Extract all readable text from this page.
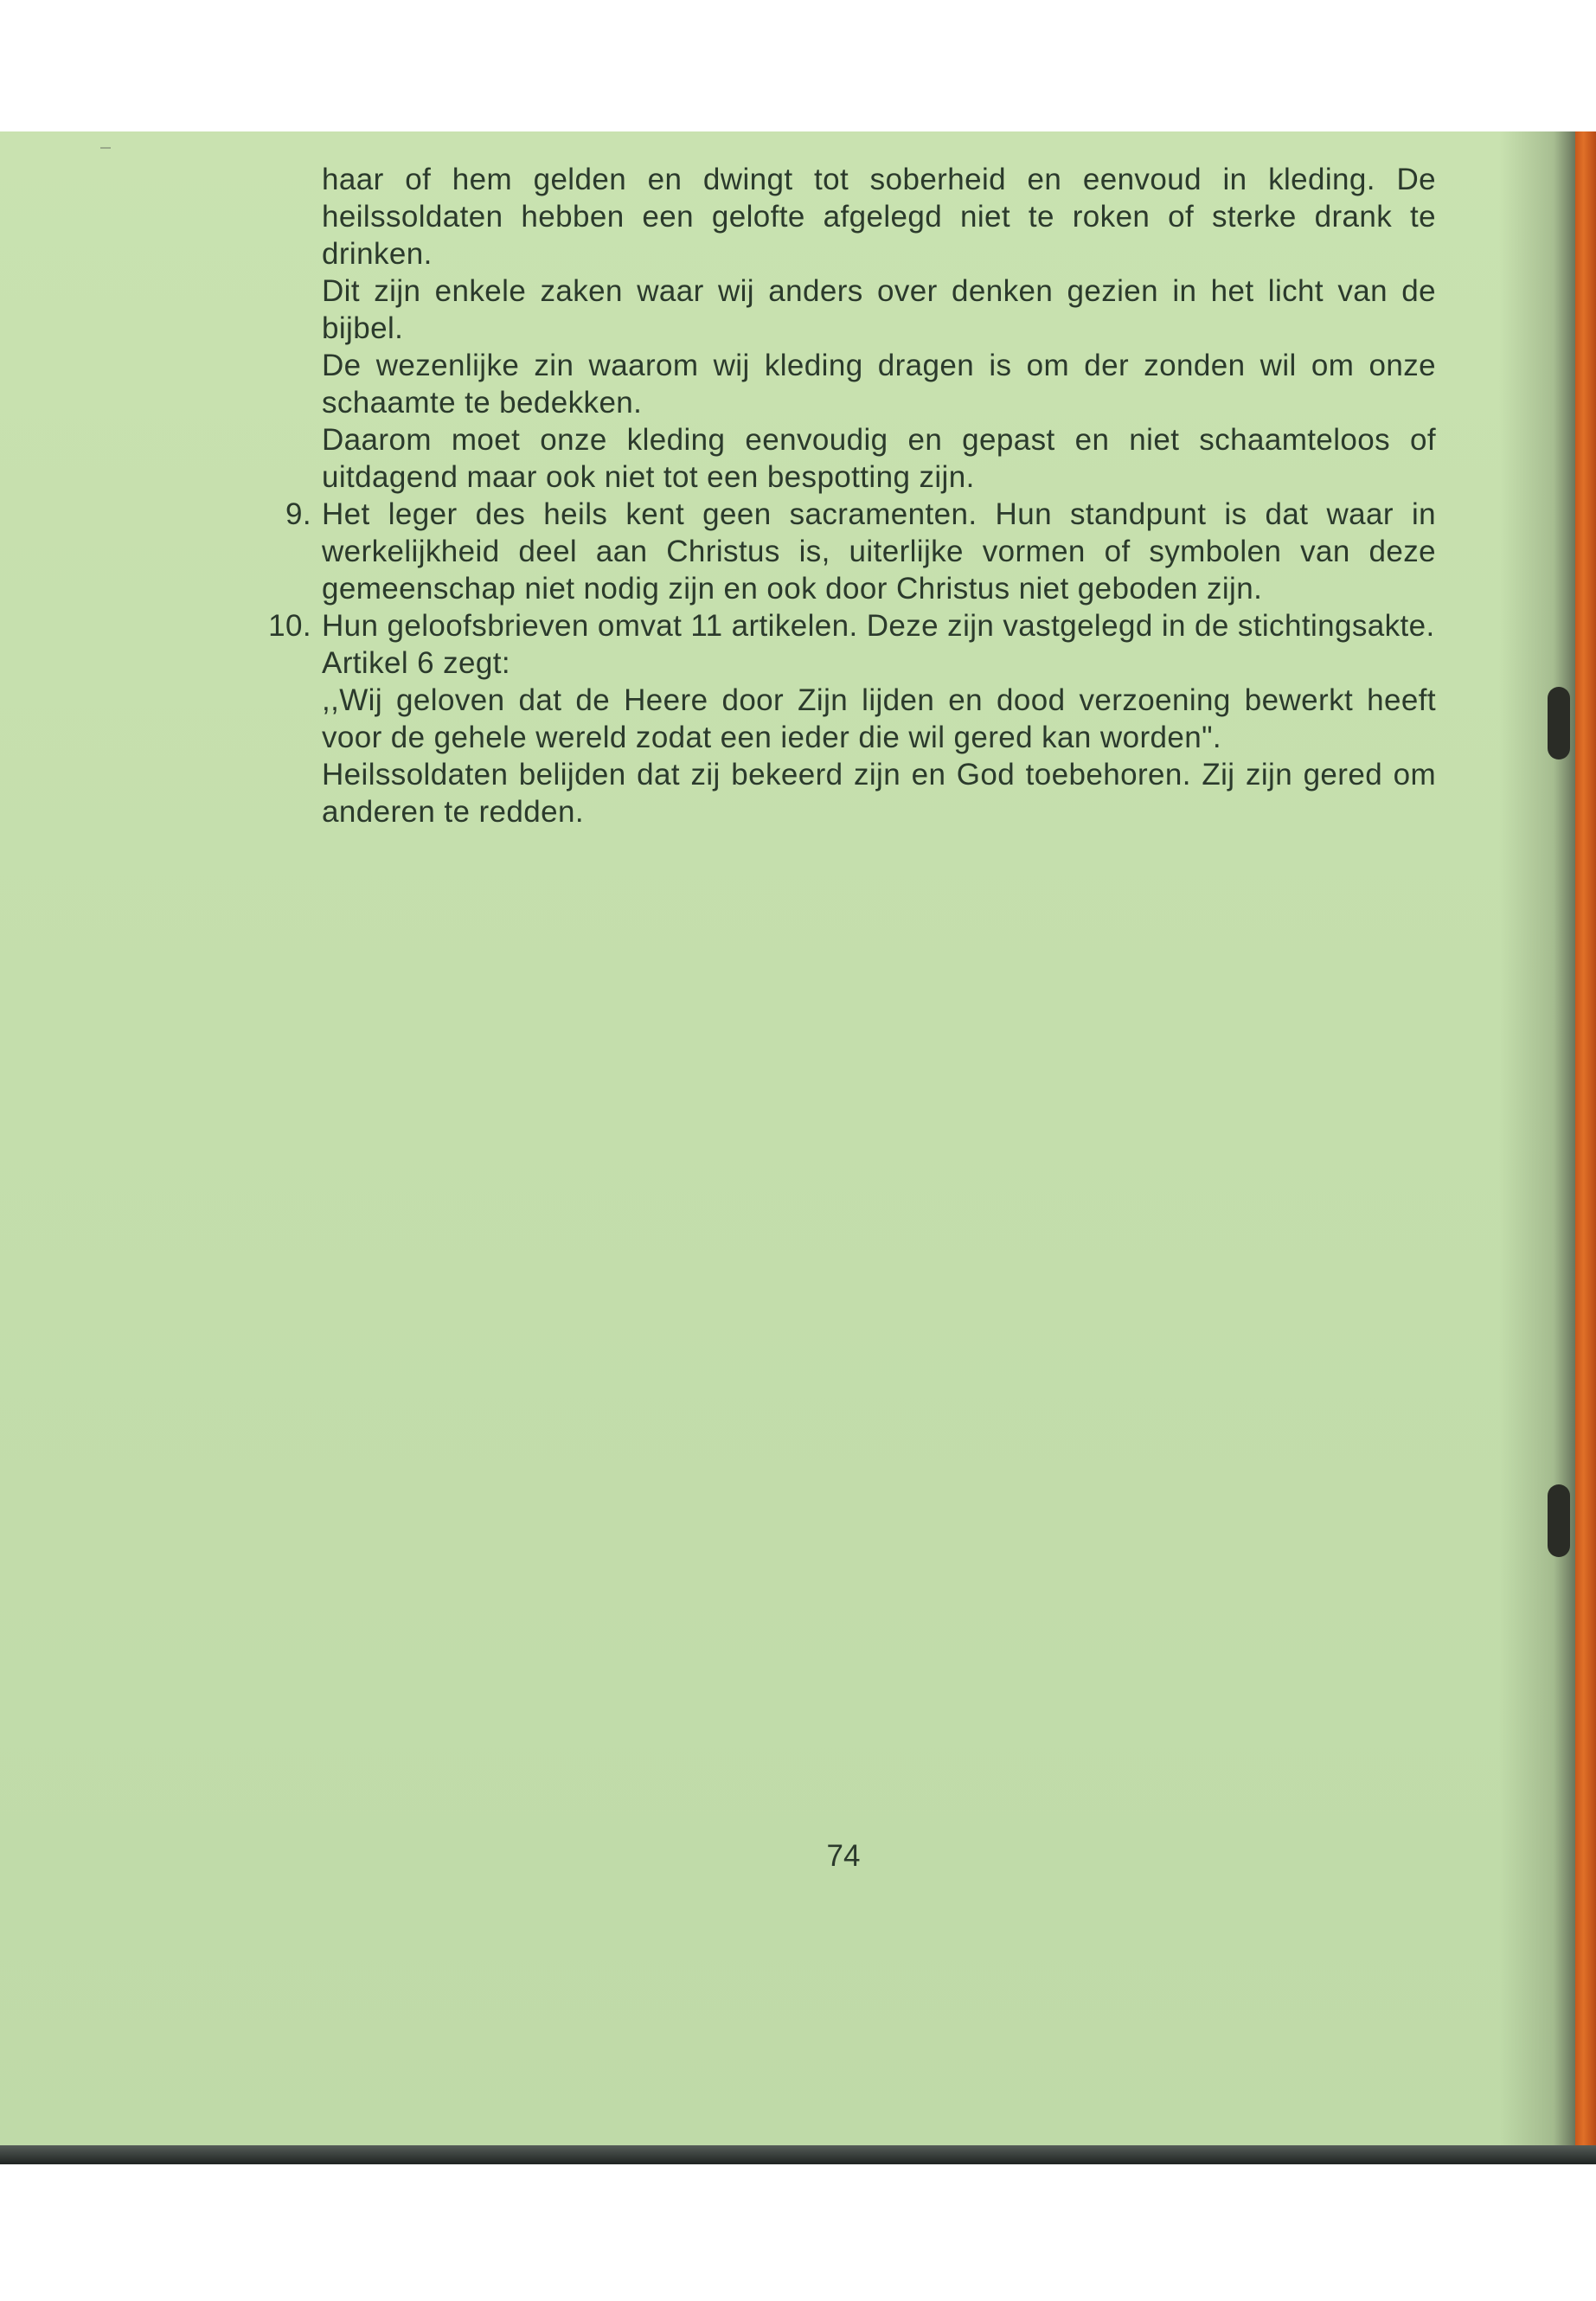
haar of hem gelden en dwingt tot soberheid en eenvoud in kleding. De heilssoldaten hebben een gelofte afgelegd niet te roken of sterke drank te drinken.

Dit zijn enkele zaken waar wij anders over denken gezien in het licht van de bijbel.

De wezenlijke zin waarom wij kleding dragen is om der zonden wil om onze schaamte te bedekken.

Daarom moet onze kleding eenvoudig en gepast en niet schaamteloos of uitdagend maar ook niet tot een bespotting zijn.

9. Het leger des heils kent geen sacramenten. Hun standpunt is dat waar in werkelijkheid deel aan Christus is, uiterlijke vormen of symbolen van deze gemeenschap niet nodig zijn en ook door Christus niet geboden zijn.

10. Hun geloofsbrieven omvat 11 artikelen. Deze zijn vastgelegd in de stichtingsakte.

Artikel 6 zegt:

,,Wij geloven dat de Heere door Zijn lijden en dood verzoening bewerkt heeft voor de gehele wereld zodat een ieder die wil gered kan worden".

Heilssoldaten belijden dat zij bekeerd zijn en God toebehoren. Zij zijn gered om anderen te redden.

74
